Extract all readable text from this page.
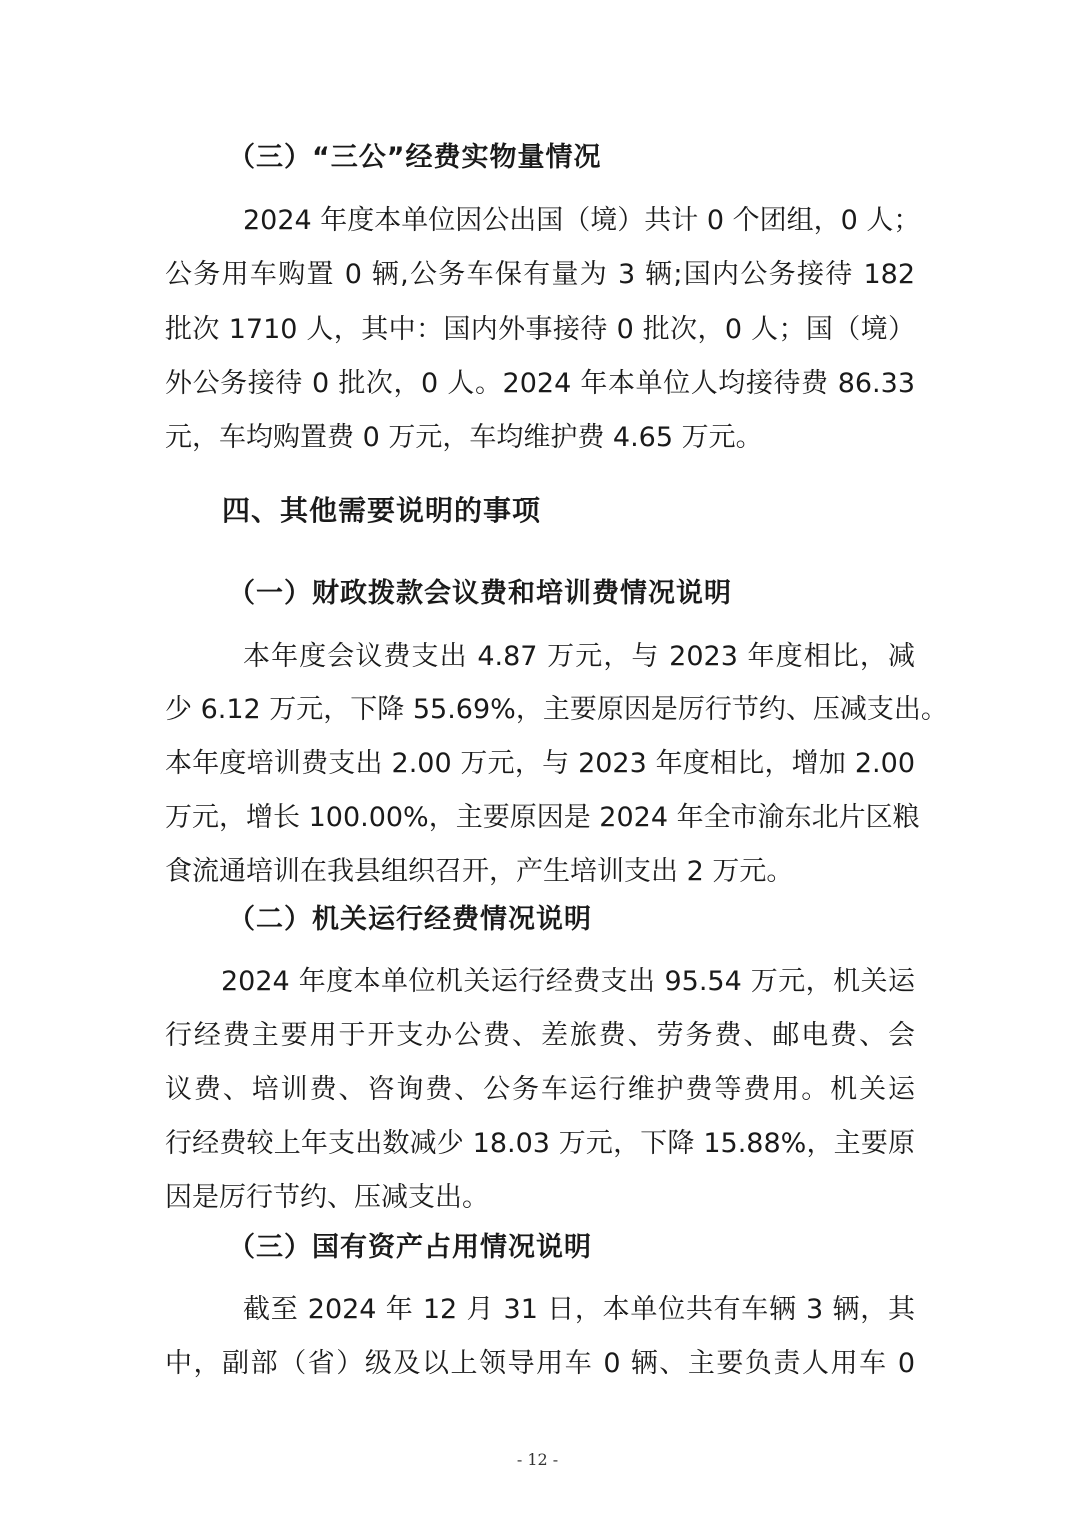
（三）“三公”经费实物量情况
2024 年度本单位因公出国（境）共计 0 个团组，0 人；
公务用车购置 0 辆,公务车保有量为 3 辆;国内公务接待 182
批次 1710 人，其中：国内外事接待 0 批次，0 人；国（境）
外公务接待 0 批次，0 人。2024 年本单位人均接待费 86.33
元，车均购置费 0 万元，车均维护费 4.65 万元。
四、其他需要说明的事项
（一）财政拨款会议费和培训费情况说明
本年度会议费支出 4.87 万元，与 2023 年度相比，减
少 6.12 万元，下降 55.69%，主要原因是厉行节约、压减支出。
本年度培训费支出 2.00 万元，与 2023 年度相比，增加 2.00
万元，增长 100.00%，主要原因是 2024 年全市渝东北片区粮
食流通培训在我县组织召开，产生培训支出 2 万元。
（二）机关运行经费情况说明
2024 年度本单位机关运行经费支出 95.54 万元，机关运
行经费主要用于开支办公费、差旅费、劳务费、邮电费、会
议费、培训费、咨询费、公务车运行维护费等费用。机关运
行经费较上年支出数减少 18.03 万元，下降 15.88%，主要原
因是厉行节约、压减支出。
（三）国有资产占用情况说明
截至 2024 年 12 月 31 日，本单位共有车辆 3 辆，其
中，副部（省）级及以上领导用车 0 辆、主要负责人用车 0
- 12 -
